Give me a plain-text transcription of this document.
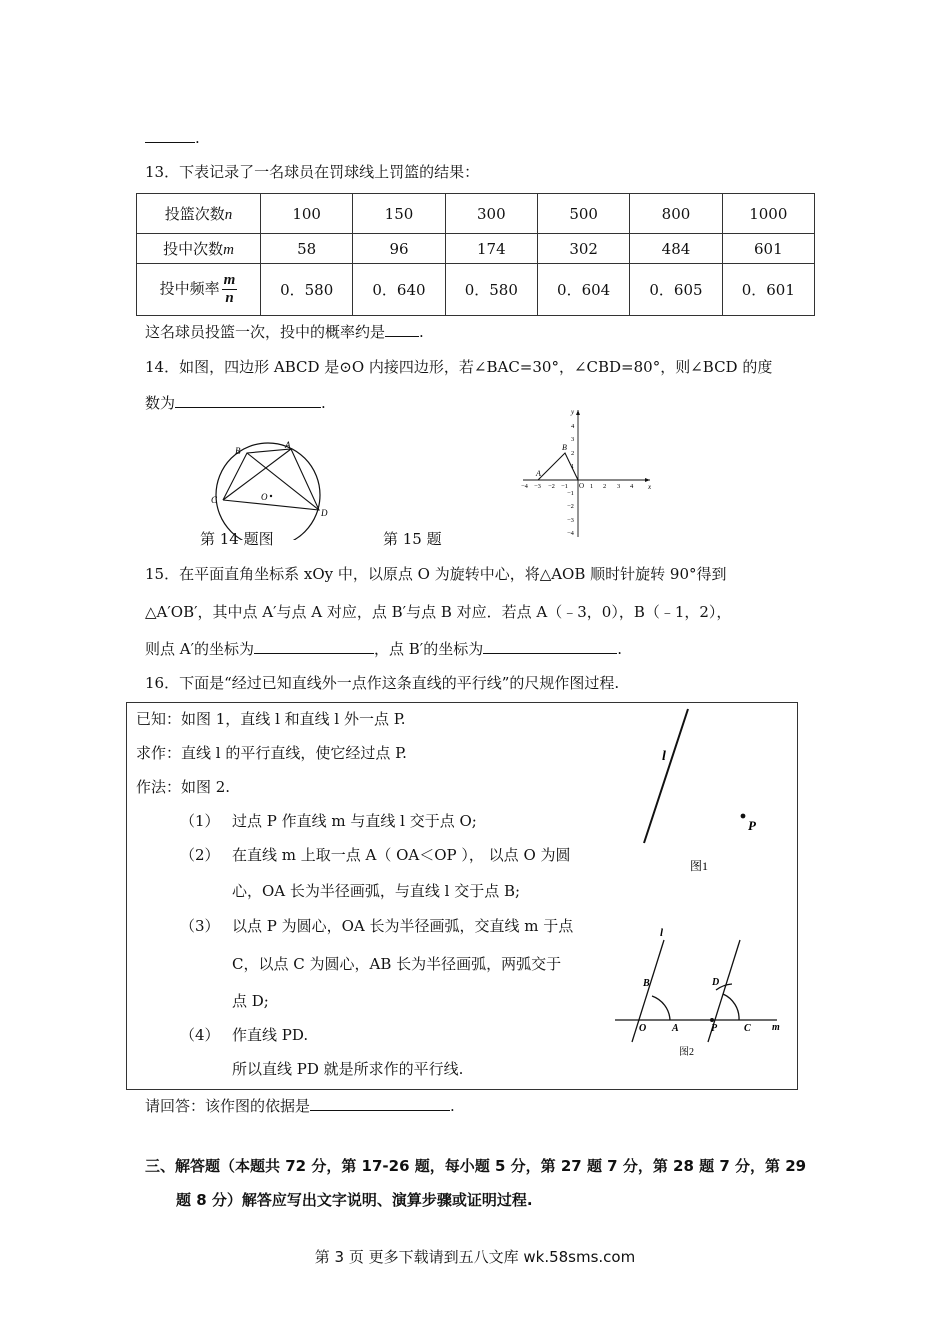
.
13．下表记录了一名球员在罚球线上罚篮的结果：
投篮次数n	100	150	300	500	800	1000
投中次数m	58	96	174	302	484	601
投中频率 $\frac{m}{n}$	0．580	0．640	0．580	0．604	0．605	0．601
这名球员投篮一次，投中的概率约是 .
14．如图，四边形 ABCD 是⊙O 内接四边形，若∠BAC=30°，∠CBD=80°，则∠BCD 的度
数为	.
A
B
C
D
O
第 14 题图
x
y
O
A
B
−4 −3 −2 −1	1 2 3 4
4
3
2
1
−1
−2
−3
−4
第 15 题
15．在平面直角坐标系 xOy 中，以原点 O 为旋转中心，将△AOB 顺时针旋转 90°得到
△A′OB′，其中点 A′与点 A 对应，点 B′与点 B 对应．若点 A（﹣3，0），B（﹣1，2），
则点 A′的坐标为	，点 B′的坐标为	.
16．下面是“经过已知直线外一点作这条直线的平行线”的尺规作图过程.
已知：如图 1，直线 l 和直线 l 外一点 P.
求作：直线 l 的平行直线，使它经过点 P.
作法：如图 2.
（1） 过点 P 作直线 m 与直线 l 交于点 O;
（2） 在直线 m 上取一点 A（ OA＜OP ）， 以点 O 为圆
心，OA 长为半径画弧，与直线 l 交于点 B;
（3） 以点 P 为圆心，OA 长为半径画弧，交直线 m 于点
C，以点 C 为圆心，AB 长为半径画弧，两弧交于
点 D;
（4） 作直线 PD.
所以直线 PD 就是所求作的平行线.
l
P
图1
l
B	D
O	A	P	C m
图2
请回答：该作图的依据是	.
三、解答题（本题共 72 分，第 17-26 题，每小题 5 分，第 27 题 7 分，第 28 题 7 分，第 29
题 8 分）解答应写出文字说明、演算步骤或证明过程.
第 3 页 更多下载请到五八文库 wk.58sms.com
